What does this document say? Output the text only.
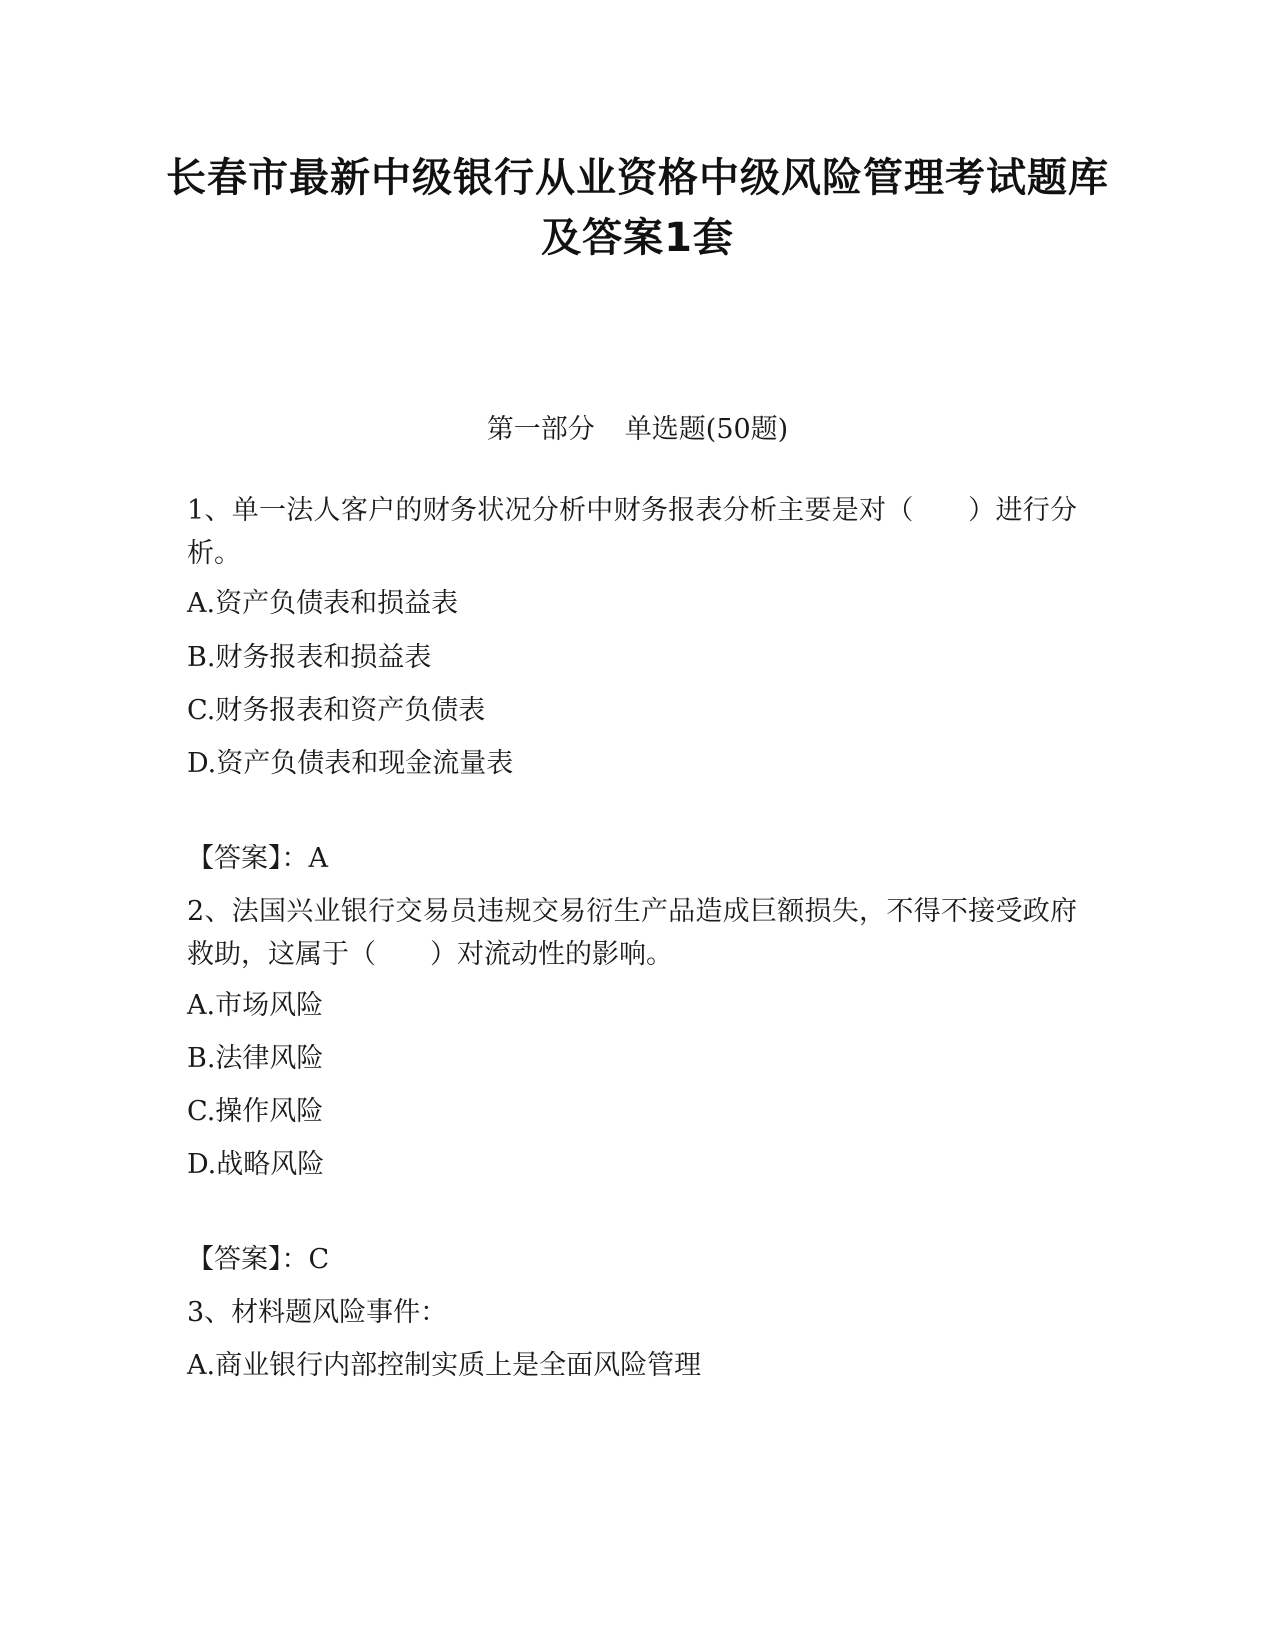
长春市最新中级银行从业资格中级风险管理考试题库及答案1套
第一部分 单选题(50题)

1、单一法人客户的财务状况分析中财务报表分析主要是对（　　）进行分析。

A.资产负债表和损益表

B.财务报表和损益表

C.财务报表和资产负债表

D.资产负债表和现金流量表

【答案】：A

2、法国兴业银行交易员违规交易衍生产品造成巨额损失，不得不接受政府救助，这属于（　　）对流动性的影响。

A.市场风险

B.法律风险

C.操作风险

D.战略风险

【答案】：C

3、材料题风险事件：

A.商业银行内部控制实质上是全面风险管理
